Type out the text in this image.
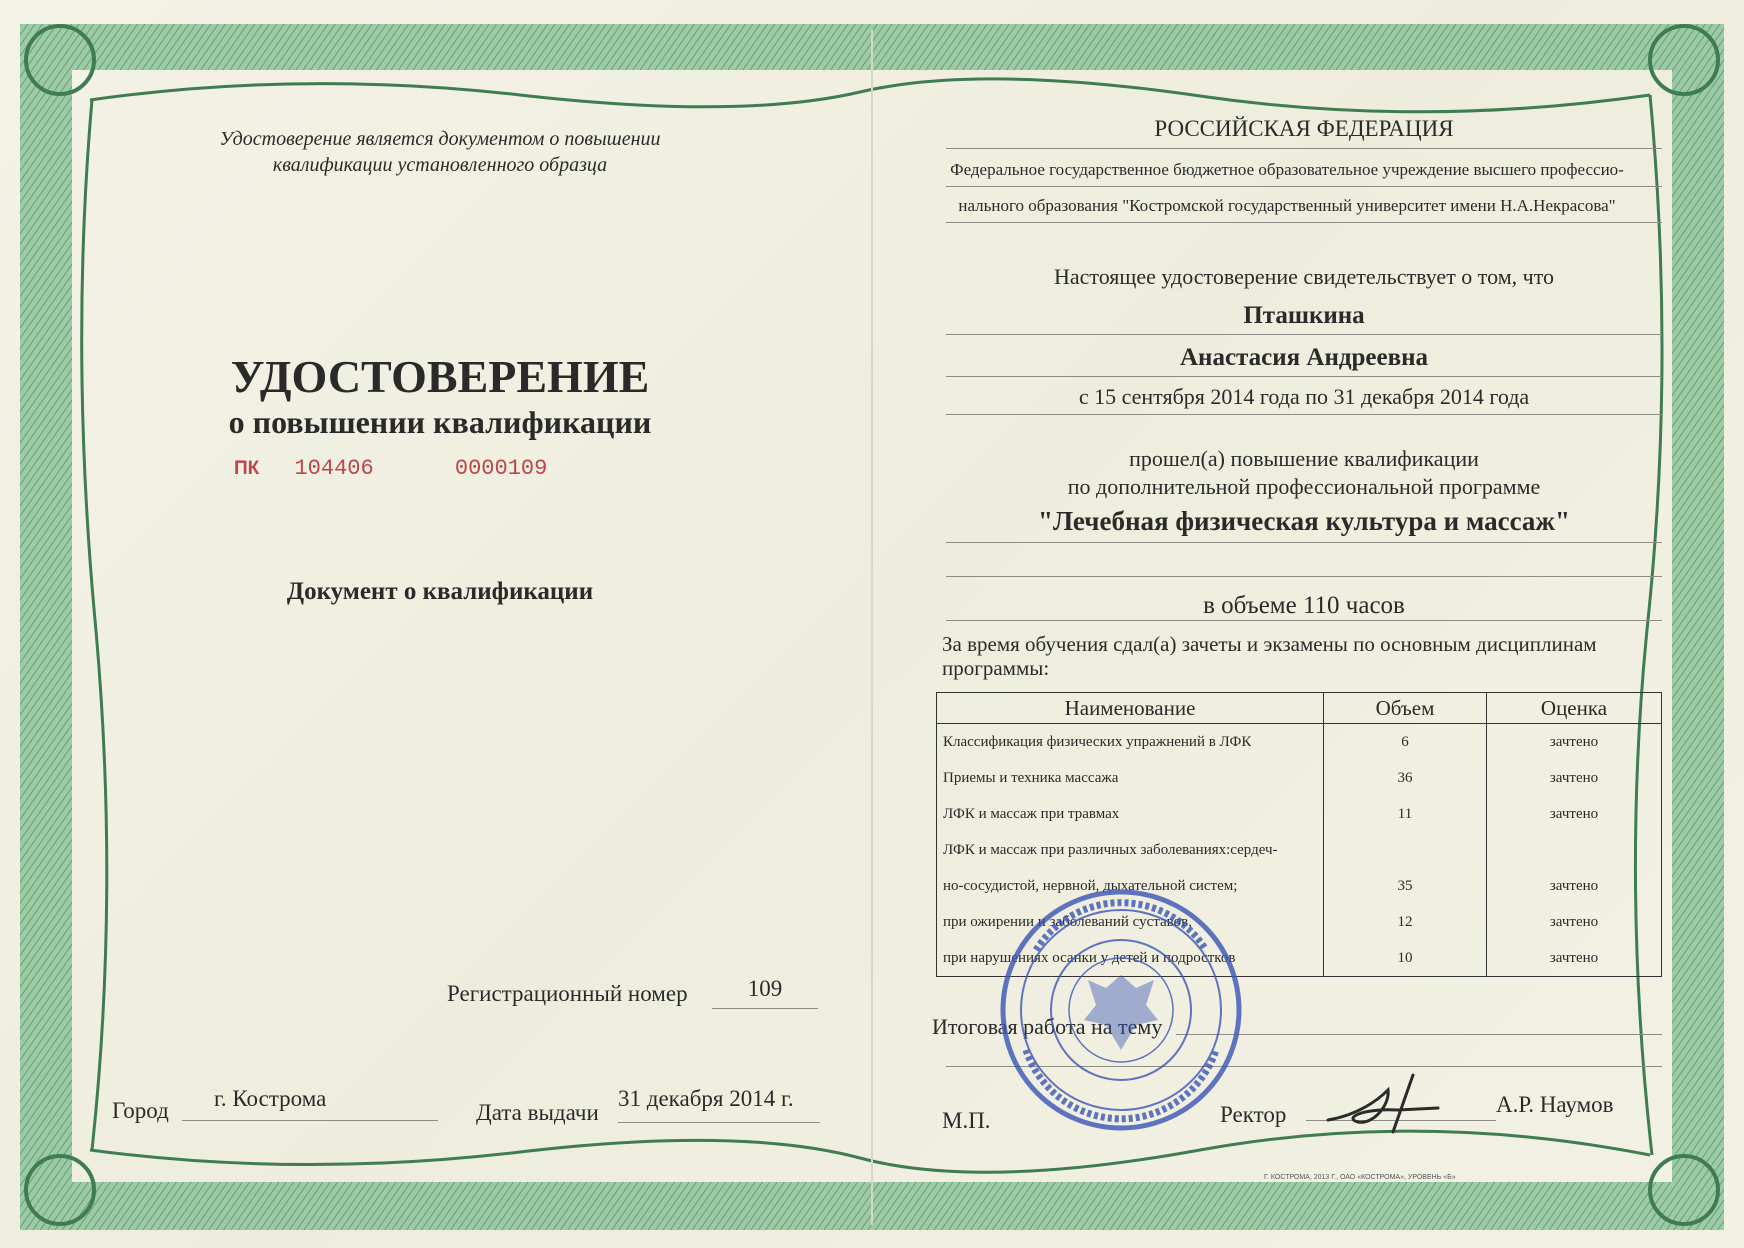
Удостоверение является документом о повышении
квалификации установленного образца
УДОСТОВЕРЕНИЕ
о повышении квалификации
ПК 104406	0000109
Документ о квалификации
Регистрационный номер	109
Город г. Кострома
Дата выдачи
31 декабря 2014 г.
РОССИЙСКАЯ ФЕДЕРАЦИЯ
Федеральное государственное бюджетное образовательное учреждение высшего профессио-
нального образования "Костромской государственный университет имени Н.А.Некрасова"
Настоящее удостоверение свидетельствует о том, что
Пташкина
Анастасия Андреевна
с 15 сентября 2014 года по 31 декабря 2014 года
прошел(а) повышение квалификации
по дополнительной профессиональной программе
"Лечебная физическая культура и массаж"
в объеме 110 часов
За время обучения сдал(а) зачеты и экзамены по основным дисциплинам
программы:
Наименование	Объем	Оценка
Классификация физических упражнений в ЛФК	6	зачтено
Приемы и техника массажа	36	зачтено
ЛФК и массаж при травмах	11	зачтено
ЛФК и массаж при различных заболеваниях:сердеч-		
но-сосудистой, нервной, дыхательной систем;	35	зачтено
при ожирении и заболеваний суставов,	12	зачтено
при нарушениях осанки у детей и подростков	10	зачтено
Итоговая работа на тему
М.П.	Ректор	А.Р. Наумов
Г. КОСТРОМА, 2013 Г., ОАО «КОСТРОМА», УРОВЕНЬ «Б»
